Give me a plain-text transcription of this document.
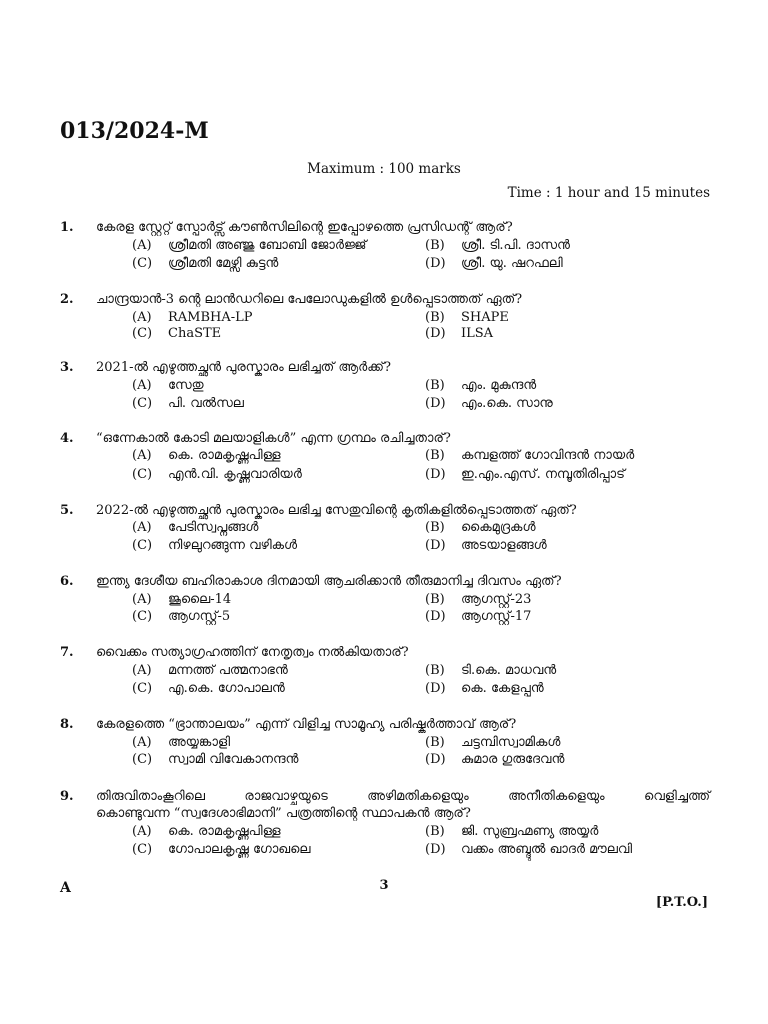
013/2024-M
Maximum : 100 marks
Time : 1 hour and 15 minutes
1. കേരള സ്റ്റേറ്റ് സ്പോർട്സ് കൗൺസിലിന്റെ ഇപ്പോഴത്തെ പ്രസിഡന്റ് ആര്?
(A) ശ്രീമതി അഞ്ജു ബോബി ജോർജ്ജ്	(B) ശ്രീ. ടി.പി. ദാസൻ
(C) ശ്രീമതി മേഴ്സി കുട്ടൻ	(D) ശ്രീ. യു. ഷറഫലി
2. ചാന്ദ്രയാൻ-3 ന്റെ ലാൻഡറിലെ പേലോഡുകളിൽ ഉൾപ്പെടാത്തത് ഏത്?
(A) RAMBHA-LP	(B) SHAPE
(C) ChaSTE	(D) ILSA
3. 2021-ൽ എഴുത്തച്ഛൻ പുരസ്കാരം ലഭിച്ചത് ആർക്ക്?
(A) സേതു	(B) എം. മുകുന്ദൻ
(C) പി. വൽസല	(D) എം.കെ. സാനു
4. “ഒന്നേകാൽ കോടി മലയാളികൾ” എന്ന ഗ്രന്ഥം രചിച്ചതാര്?
(A) കെ. രാമകൃഷ്ണപിള്ള	(B) കമ്പളത്ത് ഗോവിന്ദൻ നായർ
(C) എൻ.വി. കൃഷ്ണവാരിയർ	(D) ഇ.എം.എസ്. നമ്പൂതിരിപ്പാട്
5. 2022-ൽ എഴുത്തച്ഛൻ പുരസ്കാരം ലഭിച്ച സേതുവിന്റെ കൃതികളിൽപ്പെടാത്തത് ഏത്?
(A) പേടിസ്വപ്നങ്ങൾ	(B) കൈമുദ്രകൾ
(C) നിഴലുറങ്ങുന്ന വഴികൾ	(D) അടയാളങ്ങൾ
6. ഇന്ത്യ ദേശീയ ബഹിരാകാശ ദിനമായി ആചരിക്കാൻ തീരുമാനിച്ച ദിവസം ഏത്?
(A) ജൂലൈ-14	(B) ആഗസ്റ്റ്-23
(C) ആഗസ്റ്റ്-5	(D) ആഗസ്റ്റ്-17
7. വൈക്കം സത്യാഗ്രഹത്തിന് നേതൃത്വം നൽകിയതാര്?
(A) മന്നത്ത് പത്മനാഭൻ	(B) ടി.കെ. മാധവൻ
(C) എ.കെ. ഗോപാലൻ	(D) കെ. കേളപ്പൻ
8. കേരളത്തെ “ഭ്രാന്താലയം” എന്ന് വിളിച്ച സാമൂഹ്യ പരിഷ്കർത്താവ് ആര്?
(A) അയ്യങ്കാളി	(B) ചട്ടമ്പിസ്വാമികൾ
(C) സ്വാമി വിവേകാനന്ദൻ	(D) കുമാര ഗുരുദേവൻ
9. തിരുവിതാംകൂറിലെ രാജവാഴ്ചയുടെ അഴിമതികളെയും അനീതികളെയും വെളിച്ചത്ത്
കൊണ്ടുവന്ന “സ്വദേശാഭിമാനി” പത്രത്തിന്റെ സ്ഥാപകൻ ആര്?
(A) കെ. രാമകൃഷ്ണപിള്ള	(B) ജി. സുബ്രഹ്മണ്യ അയ്യർ
(C) ഗോപാലകൃഷ്ണ ഗോഖലെ	(D) വക്കം അബ്ദുൽ ഖാദർ മൗലവി
A	3
[P.T.O.]
